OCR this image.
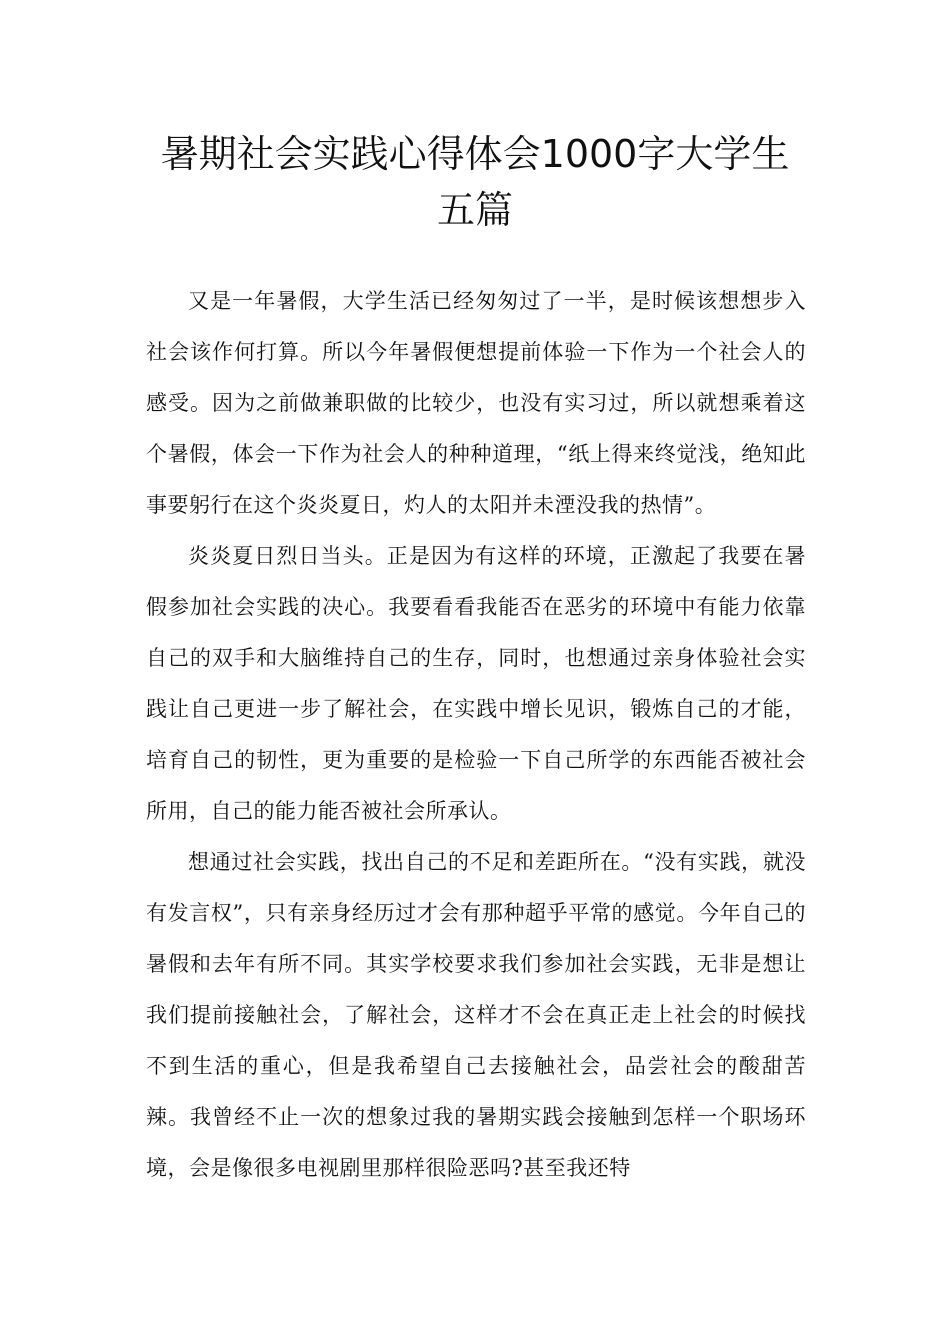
暑期社会实践心得体会1000字大学生
五篇

又是一年暑假，大学生活已经匆匆过了一半，是时候该想想步入社会该作何打算。所以今年暑假便想提前体验一下作为一个社会人的感受。因为之前做兼职做的比较少，也没有实习过，所以就想乘着这个暑假，体会一下作为社会人的种种道理，“纸上得来终觉浅，绝知此事要躬行在这个炎炎夏日，灼人的太阳并未湮没我的热情”。

炎炎夏日烈日当头。正是因为有这样的环境，正激起了我要在暑假参加社会实践的决心。我要看看我能否在恶劣的环境中有能力依靠自己的双手和大脑维持自己的生存，同时，也想通过亲身体验社会实践让自己更进一步了解社会，在实践中增长见识，锻炼自己的才能，培育自己的韧性，更为重要的是检验一下自己所学的东西能否被社会所用，自己的能力能否被社会所承认。

想通过社会实践，找出自己的不足和差距所在。“没有实践，就没有发言权”，只有亲身经历过才会有那种超乎平常的感觉。今年自己的暑假和去年有所不同。其实学校要求我们参加社会实践，无非是想让我们提前接触社会，了解社会，这样才不会在真正走上社会的时候找不到生活的重心，但是我希望自己去接触社会，品尝社会的酸甜苦辣。我曾经不止一次的想象过我的暑期实践会接触到怎样一个职场环境，会是像很多电视剧里那样很险恶吗?甚至我还特
